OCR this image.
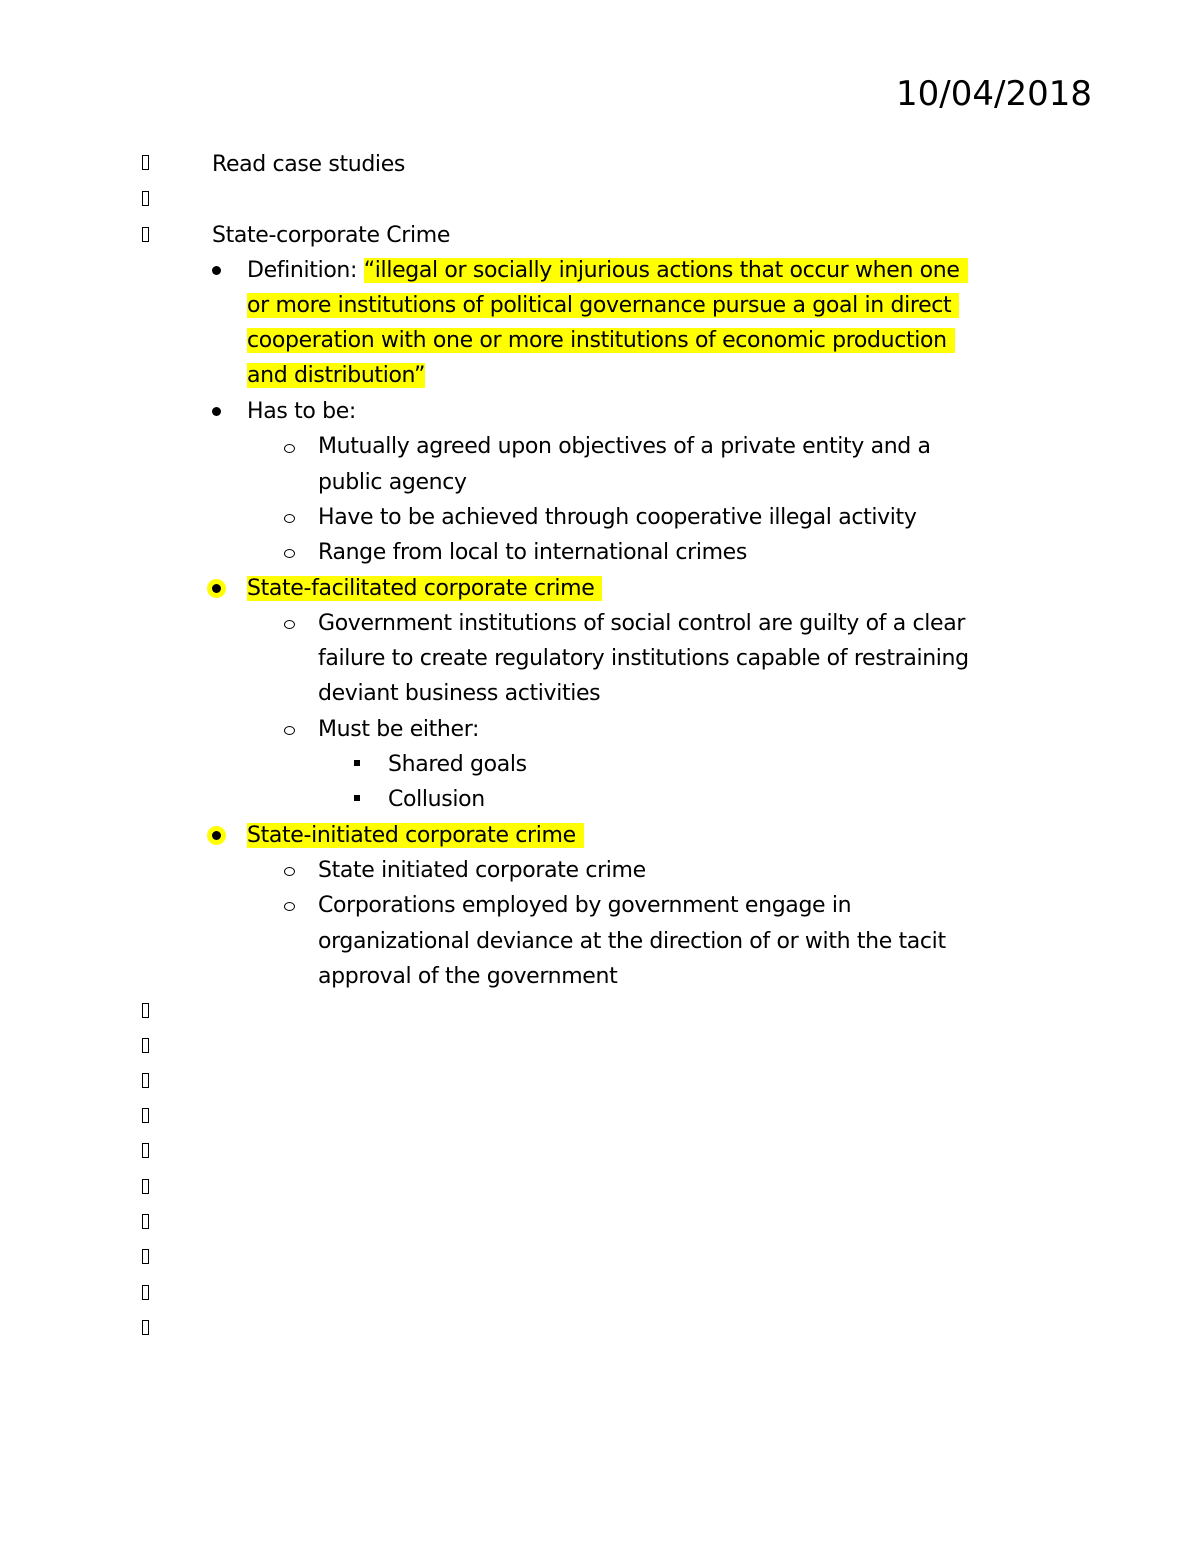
10/04/2018
Read case studies
State-corporate Crime
Definition: “illegal or socially injurious actions that occur when one
or more institutions of political governance pursue a goal in direct
cooperation with one or more institutions of economic production
and distribution”
Has to be:
Mutually agreed upon objectives of a private entity and a
public agency
Have to be achieved through cooperative illegal activity
Range from local to international crimes
State-facilitated corporate crime
Government institutions of social control are guilty of a clear
failure to create regulatory institutions capable of restraining
deviant business activities
Must be either:
Shared goals
Collusion
State-initiated corporate crime
State initiated corporate crime
Corporations employed by government engage in
organizational deviance at the direction of or with the tacit
approval of the government
